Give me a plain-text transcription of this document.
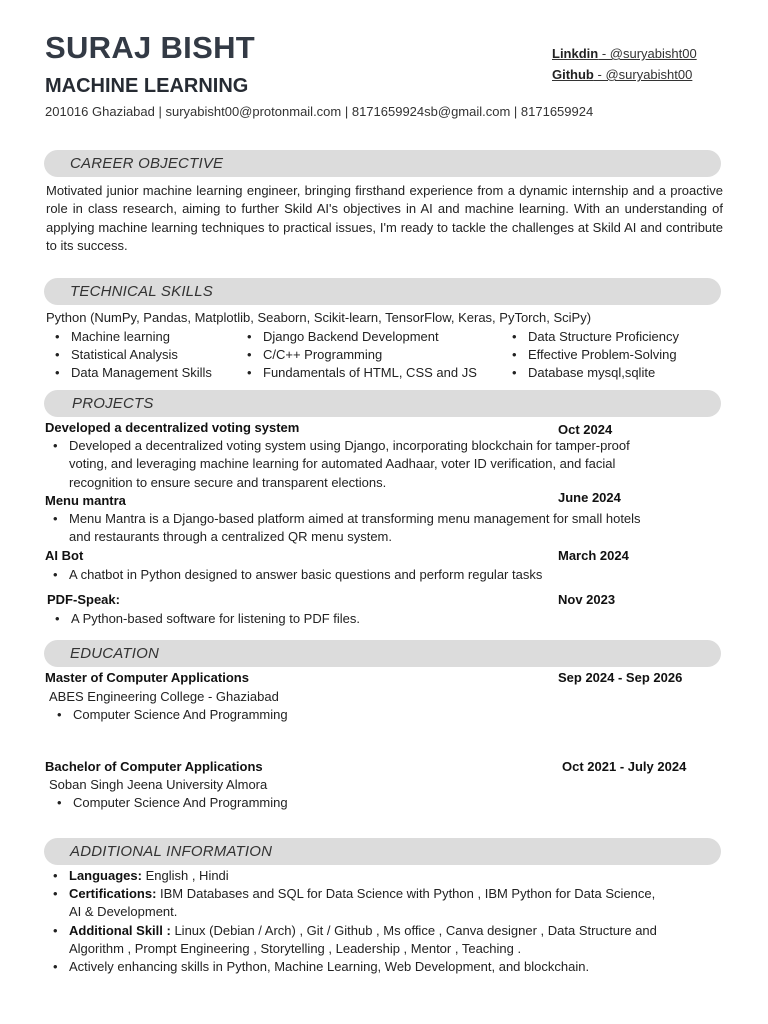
SURAJ BISHT
MACHINE LEARNING
201016 Ghaziabad | suryabisht00@protonmail.com | 8171659924sb@gmail.com | 8171659924
Linkdin - @suryabisht00
Github - @suryabisht00
CAREER OBJECTIVE
Motivated junior machine learning engineer, bringing firsthand experience from a dynamic internship and a proactive role in class research, aiming to further Skild AI's objectives in AI and machine learning. With an understanding of applying machine learning techniques to practical issues, I'm ready to tackle the challenges at Skild AI and contribute to its success.
TECHNICAL SKILLS
Python (NumPy, Pandas, Matplotlib, Seaborn, Scikit-learn, TensorFlow, Keras, PyTorch, SciPy)
• Machine learning
• Statistical Analysis
• Data Management Skills
• Django Backend Development
• C/C++ Programming
• Fundamentals of HTML, CSS and JS
• Data Structure Proficiency
• Effective Problem-Solving
• Database mysql,sqlite
PROJECTS
Developed a decentralized voting system	Oct 2024
• Developed a decentralized voting system using Django, incorporating blockchain for tamper-proof
voting, and leveraging machine learning for automated Aadhaar, voter ID verification, and facial
recognition to ensure secure and transparent elections.
Menu mantra	June 2024
• Menu Mantra is a Django-based platform aimed at transforming menu management for small hotels
and restaurants through a centralized QR menu system.
AI Bot	March 2024
• A chatbot in Python designed to answer basic questions and perform regular tasks
PDF-Speak:	Nov 2023
• A Python-based software for listening to PDF files.
EDUCATION
Master of Computer Applications	Sep 2024 - Sep 2026
ABES Engineering College - Ghaziabad
• Computer Science And Programming
Bachelor of Computer Applications	Oct 2021 - July 2024
Soban Singh Jeena University Almora
• Computer Science And Programming
ADDITIONAL INFORMATION
• Languages: English , Hindi
• Certifications: IBM Databases and SQL for Data Science with Python , IBM Python for Data Science,
AI & Development.
• Additional Skill : Linux (Debian / Arch) , Git / Github , Ms office , Canva designer , Data Structure and
Algorithm , Prompt Engineering , Storytelling , Leadership , Mentor , Teaching .
• Actively enhancing skills in Python, Machine Learning, Web Development, and blockchain.
